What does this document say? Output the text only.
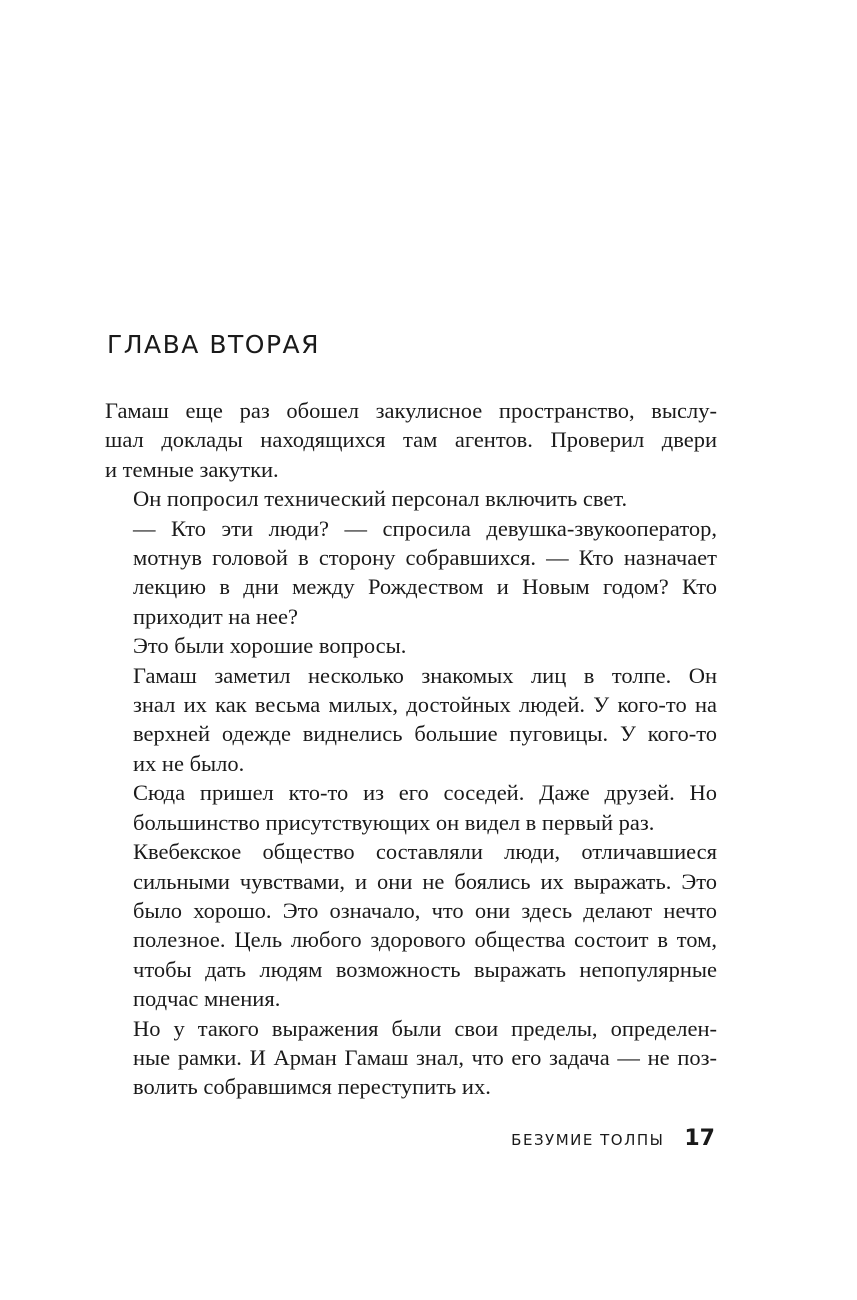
ГЛАВА ВТОРАЯ

Гамаш еще раз обошел закулисное пространство, выслу-
шал доклады находящихся там агентов. Проверил двери
и темные закутки.

Он попросил технический персонал включить свет.

— Кто эти люди? — спросила девушка-звукооператор,
мотнув головой в сторону собравшихся. — Кто назначает
лекцию в дни между Рождеством и Новым годом? Кто
приходит на нее?

Это были хорошие вопросы.

Гамаш заметил несколько знакомых лиц в толпе. Он
знал их как весьма милых, достойных людей. У кого-то на
верхней одежде виднелись большие пуговицы. У кого-то
их не было.

Сюда пришел кто-то из его соседей. Даже друзей. Но
большинство присутствующих он видел в первый раз.

Квебекское общество составляли люди, отличавшиеся
сильными чувствами, и они не боялись их выражать. Это
было хорошо. Это означало, что они здесь делают нечто
полезное. Цель любого здорового общества состоит в том,
чтобы дать людям возможность выражать непопулярные
подчас мнения.

Но у такого выражения были свои пределы, определен-
ные рамки. И Арман Гамаш знал, что его задача — не поз-
волить собравшимся переступить их.

БЕЗУМИЕ ТОЛПЫ 17
